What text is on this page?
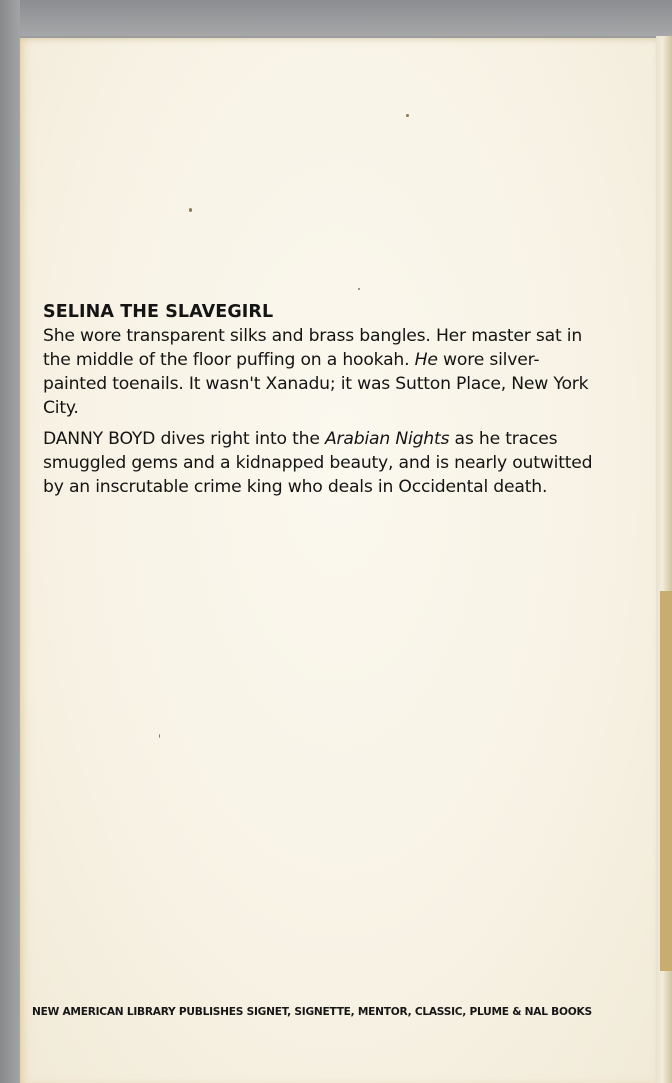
SELINA THE SLAVEGIRL

She wore transparent silks and brass bangles. Her master sat in the middle of the floor puffing on a hookah. He wore silver-painted toenails. It wasn't Xanadu; it was Sutton Place, New York City.

DANNY BOYD dives right into the Arabian Nights as he traces smuggled gems and a kidnapped beauty, and is nearly outwitted by an inscrutable crime king who deals in Occidental death.

NEW AMERICAN LIBRARY PUBLISHES SIGNET, SIGNETTE, MENTOR, CLASSIC, PLUME & NAL BOOKS
